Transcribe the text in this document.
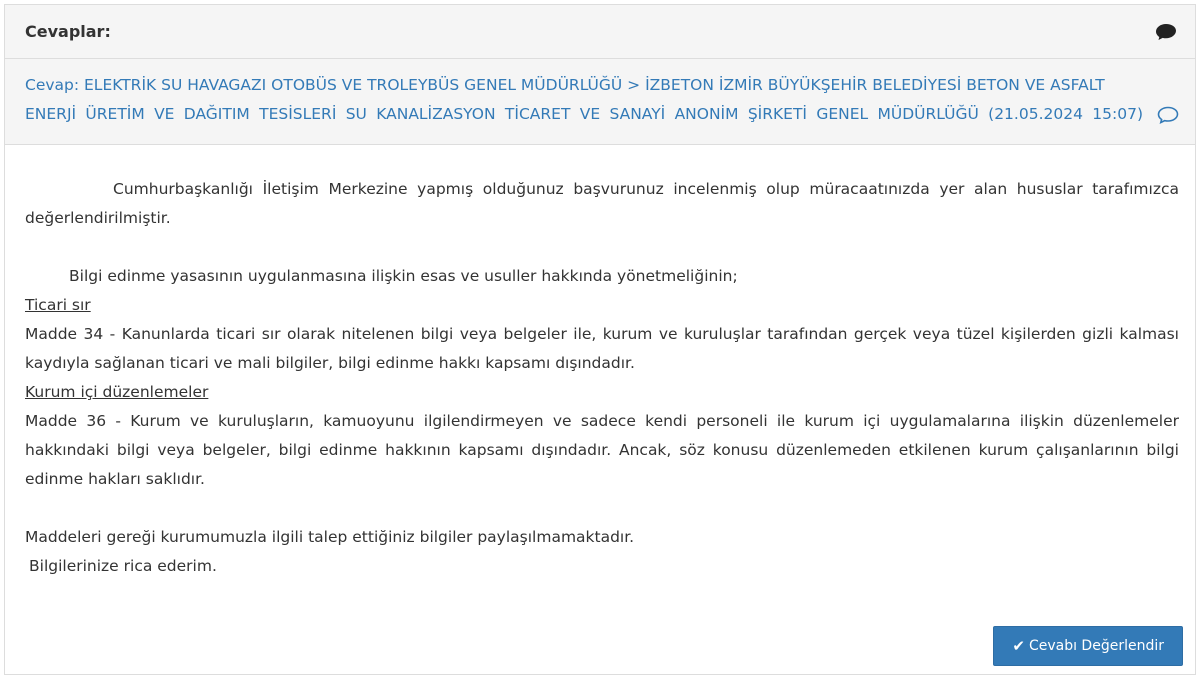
Cevaplar:
Cevap: ELEKTRİK SU HAVAGAZI OTOBÜS VE TROLEYBÜS GENEL MÜDÜRLÜĞÜ > İZBETON İZMİR BÜYÜKŞEHİR BELEDİYESİ BETON VE ASFALT
ENERJİ ÜRETİM VE DAĞITIM TESİSLERİ SU KANALİZASYON TİCARET VE SANAYİ ANONİM ŞİRKETİ GENEL MÜDÜRLÜĞÜ (21.05.2024 15:07)

Cumhurbaşkanlığı İletişim Merkezine yapmış olduğunuz başvurunuz incelenmiş olup müracaatınızda yer alan hususlar tarafımızca değerlendirilmiştir.

Bilgi edinme yasasının uygulanmasına ilişkin esas ve usuller hakkında yönetmeliğinin;

Ticari sır

Madde 34 - Kanunlarda ticari sır olarak nitelenen bilgi veya belgeler ile, kurum ve kuruluşlar tarafından gerçek veya tüzel kişilerden gizli kalması kaydıyla sağlanan ticari ve mali bilgiler, bilgi edinme hakkı kapsamı dışındadır.

Kurum içi düzenlemeler

Madde 36 - Kurum ve kuruluşların, kamuoyunu ilgilendirmeyen ve sadece kendi personeli ile kurum içi uygulamalarına ilişkin düzenlemeler hakkındaki bilgi veya belgeler, bilgi edinme hakkının kapsamı dışındadır. Ancak, söz konusu düzenlemeden etkilenen kurum çalışanlarının bilgi edinme hakları saklıdır.

Maddeleri gereği kurumumuzla ilgili talep ettiğiniz bilgiler paylaşılmamaktadır.

Bilgilerinize rica ederim.

✔ Cevabı Değerlendir
